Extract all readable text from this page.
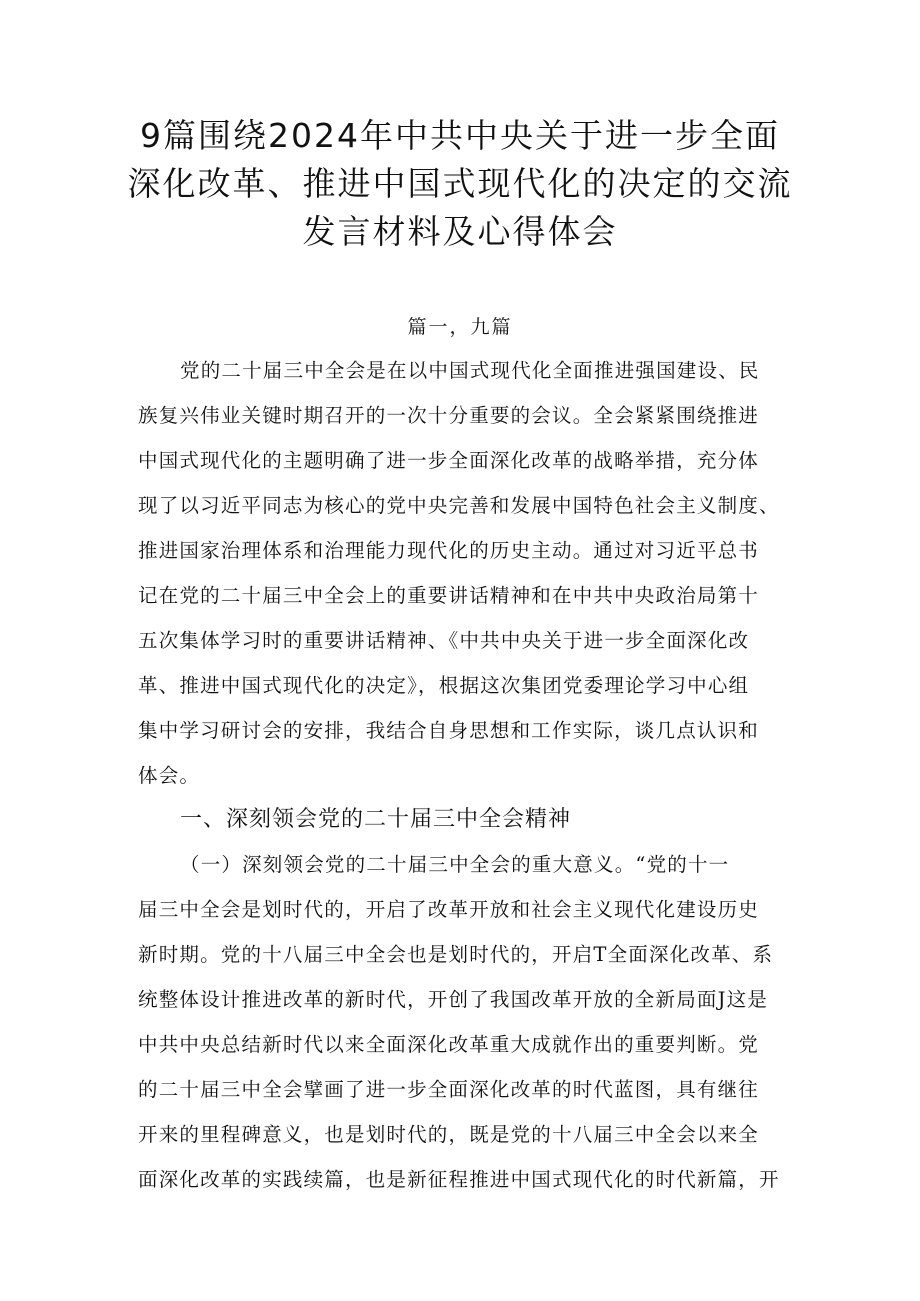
9篇围绕2024年中共中央关于进一步全面
深化改革、推进中国式现代化的决定的交流
发言材料及心得体会
篇一，九篇
党的二十届三中全会是在以中国式现代化全面推进强国建设、民
族复兴伟业关键时期召开的一次十分重要的会议。全会紧紧围绕推进
中国式现代化的主题明确了进一步全面深化改革的战略举措，充分体
现了以习近平同志为核心的党中央完善和发展中国特色社会主义制度、
推进国家治理体系和治理能力现代化的历史主动。通过对习近平总书
记在党的二十届三中全会上的重要讲话精神和在中共中央政治局第十
五次集体学习时的重要讲话精神、《中共中央关于进一步全面深化改
革、推进中国式现代化的决定》，根据这次集团党委理论学习中心组
集中学习研讨会的安排，我结合自身思想和工作实际，谈几点认识和
体会。
一、深刻领会党的二十届三中全会精神
（一）深刻领会党的二十届三中全会的重大意义。“党的十一
届三中全会是划时代的，开启了改革开放和社会主义现代化建设历史
新时期。党的十八届三中全会也是划时代的，开启T全面深化改革、系
统整体设计推进改革的新时代，开创了我国改革开放的全新局面J这是
中共中央总结新时代以来全面深化改革重大成就作出的重要判断。党
的二十届三中全会擘画了进一步全面深化改革的时代蓝图，具有继往
开来的里程碑意义，也是划时代的，既是党的十八届三中全会以来全
面深化改革的实践续篇，也是新征程推进中国式现代化的时代新篇，开
